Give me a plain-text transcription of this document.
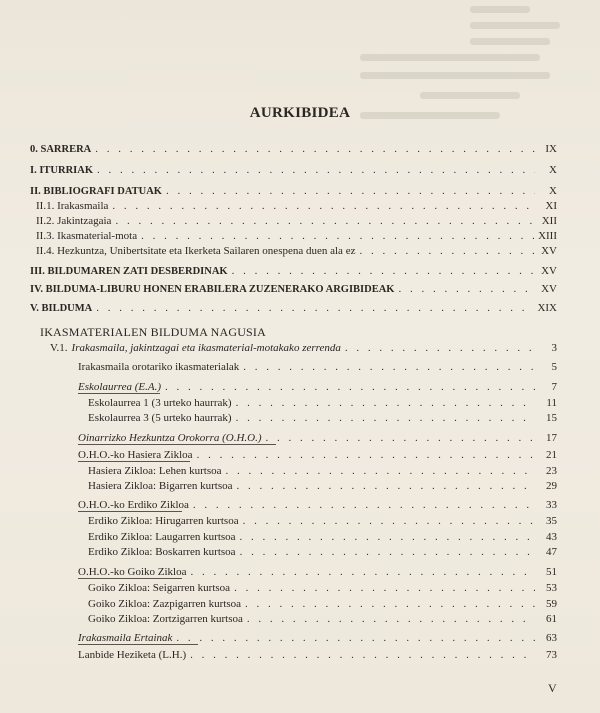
AURKIBIDEA
0. SARRERA . . .	IX
I. ITURRIAK . . .	X
II. BIBLIOGRAFI DATUAK . . .	X
II.1. Irakasmaila . . .	XI
II.2. Jakintzagaia . . .	XII
II.3. Ikasmaterial-mota . . .	XIII
II.4. Hezkuntza, Unibertsitate eta Ikerketa Sailaren onespena duen ala ez . . .	XV
III. BILDUMAREN ZATI DESBERDINAK . . .	XV
IV. BILDUMA-LIBURU HONEN ERABILERA ZUZENERAKO ARGIBIDEAK . . .	XV
V. BILDUMA . . .	XIX
IKASMATERIALEN BILDUMA NAGUSIA
V.1. Irakasmaila, jakintzagai eta ikasmaterial-motakako zerrenda . . .	3
Irakasmaila orotariko ikasmaterialak . . .	5
Eskolaurrea (E.A.) . . .	7
Eskolaurrea 1 (3 urteko haurrak) . . .	11
Eskolaurrea 3 (5 urteko haurrak) . . .	15
Oinarrizko Hezkuntza Orokorra (O.H.O.) . . .	17
O.H.O.-ko Hasiera Zikloa . . .	21
Hasiera Zikloa: Lehen kurtsoa . . .	23
Hasiera Zikloa: Bigarren kurtsoa . . .	29
O.H.O.-ko Erdiko Zikloa . . .	33
Erdiko Zikloa: Hirugarren kurtsoa . . .	35
Erdiko Zikloa: Laugarren kurtsoa . . .	43
Erdiko Zikloa: Boskarren kurtsoa . . .	47
O.H.O.-ko Goiko Zikloa . . .	51
Goiko Zikloa: Seigarren kurtsoa . . .	53
Goiko Zikloa: Zazpigarren kurtsoa . . .	59
Goiko Zikloa: Zortzigarren kurtsoa . . .	61
Irakasmaila Ertainak . . .	63
Lanbide Heziketa (L.H.) . . .	73
V
